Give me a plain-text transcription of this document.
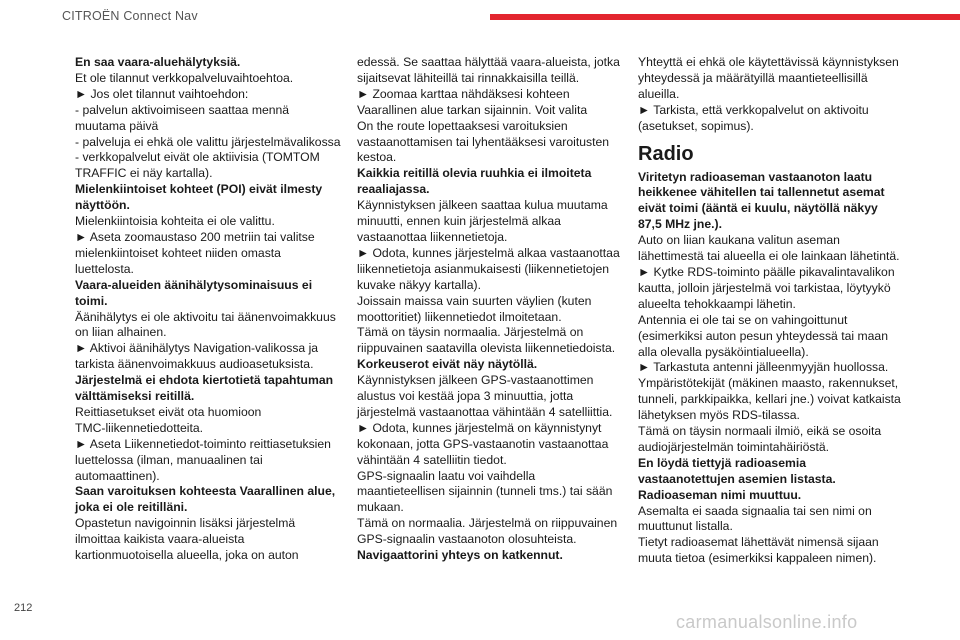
CITROËN Connect Nav
En saa vaara-aluehälytyksiä.
Et ole tilannut verkkopalveluvaihtoehtoa.
► Jos olet tilannut vaihtoehdon:
- palvelun aktivoimiseen saattaa mennä
muutama päivä
- palveluja ei ehkä ole valittu järjestelmävalikossa
- verkkopalvelut eivät ole aktiivisia (TOMTOM
TRAFFIC ei näy kartalla).
Mielenkiintoiset kohteet (POI) eivät ilmesty
näyttöön.
Mielenkiintoisia kohteita ei ole valittu.
► Aseta zoomaustaso 200 metriin tai valitse
mielenkiintoiset kohteet niiden omasta
luettelosta.
Vaara-alueiden äänihälytysominaisuus ei
toimi.
Äänihälytys ei ole aktivoitu tai äänenvoimakkuus
on liian alhainen.
► Aktivoi äänihälytys Navigation-valikossa ja
tarkista äänenvoimakkuus audioasetuksista.
Järjestelmä ei ehdota kiertotietä tapahtuman
välttämiseksi reitillä.
Reittiasetukset eivät ota huomioon
TMC-liikennetiedotteita.
► Aseta Liikennetiedot-toiminto reittiasetuksien
luettelossa (ilman, manuaalinen tai
automaattinen).
Saan varoituksen kohteesta Vaarallinen alue,
joka ei ole reitilläni.
Opastetun navigoinnin lisäksi järjestelmä
ilmoittaa kaikista vaara-alueista
kartionmuotoisella alueella, joka on auton
edessä. Se saattaa hälyttää vaara-alueista, jotka
sijaitsevat lähiteillä tai rinnakkaisilla teillä.
► Zoomaa karttaa nähdäksesi kohteen
Vaarallinen alue tarkan sijainnin. Voit valita
On the route lopettaaksesi varoituksien
vastaanottamisen tai lyhentääksesi varoitusten
kestoa.
Kaikkia reitillä olevia ruuhkia ei ilmoiteta
reaaliajassa.
Käynnistyksen jälkeen saattaa kulua muutama
minuutti, ennen kuin järjestelmä alkaa
vastaanottaa liikennetietoja.
► Odota, kunnes järjestelmä alkaa vastaanottaa
liikennetietoja asianmukaisesti (liikennetietojen
kuvake näkyy kartalla).
Joissain maissa vain suurten väylien (kuten
moottoritiet) liikennetiedot ilmoitetaan.
Tämä on täysin normaalia. Järjestelmä on
riippuvainen saatavilla olevista liikennetiedoista.
Korkeuserot eivät näy näytöllä.
Käynnistyksen jälkeen GPS-vastaanottimen
alustus voi kestää jopa 3 minuuttia, jotta
järjestelmä vastaanottaa vähintään 4 satelliittia.
► Odota, kunnes järjestelmä on käynnistynyt
kokonaan, jotta GPS-vastaanotin vastaanottaa
vähintään 4 satelliitin tiedot.
GPS-signaalin laatu voi vaihdella
maantieteellisen sijainnin (tunneli tms.) tai sään
mukaan.
Tämä on normaalia. Järjestelmä on riippuvainen
GPS-signaalin vastaanoton olosuhteista.
Navigaattorini yhteys on katkennut.
Yhteyttä ei ehkä ole käytettävissä käynnistyksen
yhteydessä ja määrätyillä maantieteellisillä
alueilla.
► Tarkista, että verkkopalvelut on aktivoitu
(asetukset, sopimus).
Radio
Viritetyn radioaseman vastaanoton laatu
heikkenee vähitellen tai tallennetut asemat
eivät toimi (ääntä ei kuulu, näytöllä näkyy
87,5 MHz jne.).
Auto on liian kaukana valitun aseman
lähettimestä tai alueella ei ole lainkaan lähetintä.
► Kytke RDS-toiminto päälle pikavalintavalikon
kautta, jolloin järjestelmä voi tarkistaa, löytyykö
alueelta tehokkaampi lähetin.
Antennia ei ole tai se on vahingoittunut
(esimerkiksi auton pesun yhteydessä tai maan
alla olevalla pysäköintialueella).
► Tarkastuta antenni jälleenmyyjän huollossa.
Ympäristötekijät (mäkinen maasto, rakennukset,
tunneli, parkkipaikka, kellari jne.) voivat katkaista
lähetyksen myös RDS-tilassa.
Tämä on täysin normaali ilmiö, eikä se osoita
audiojärjestelmän toimintahäiriöstä.
En löydä tiettyjä radioasemia
vastaanotettujen asemien listasta.
Radioaseman nimi muuttuu.
Asemalta ei saada signaalia tai sen nimi on
muuttunut listalla.
Tietyt radioasemat lähettävät nimensä sijaan
muuta tietoa (esimerkiksi kappaleen nimen).
212
carmanualsonline.info
